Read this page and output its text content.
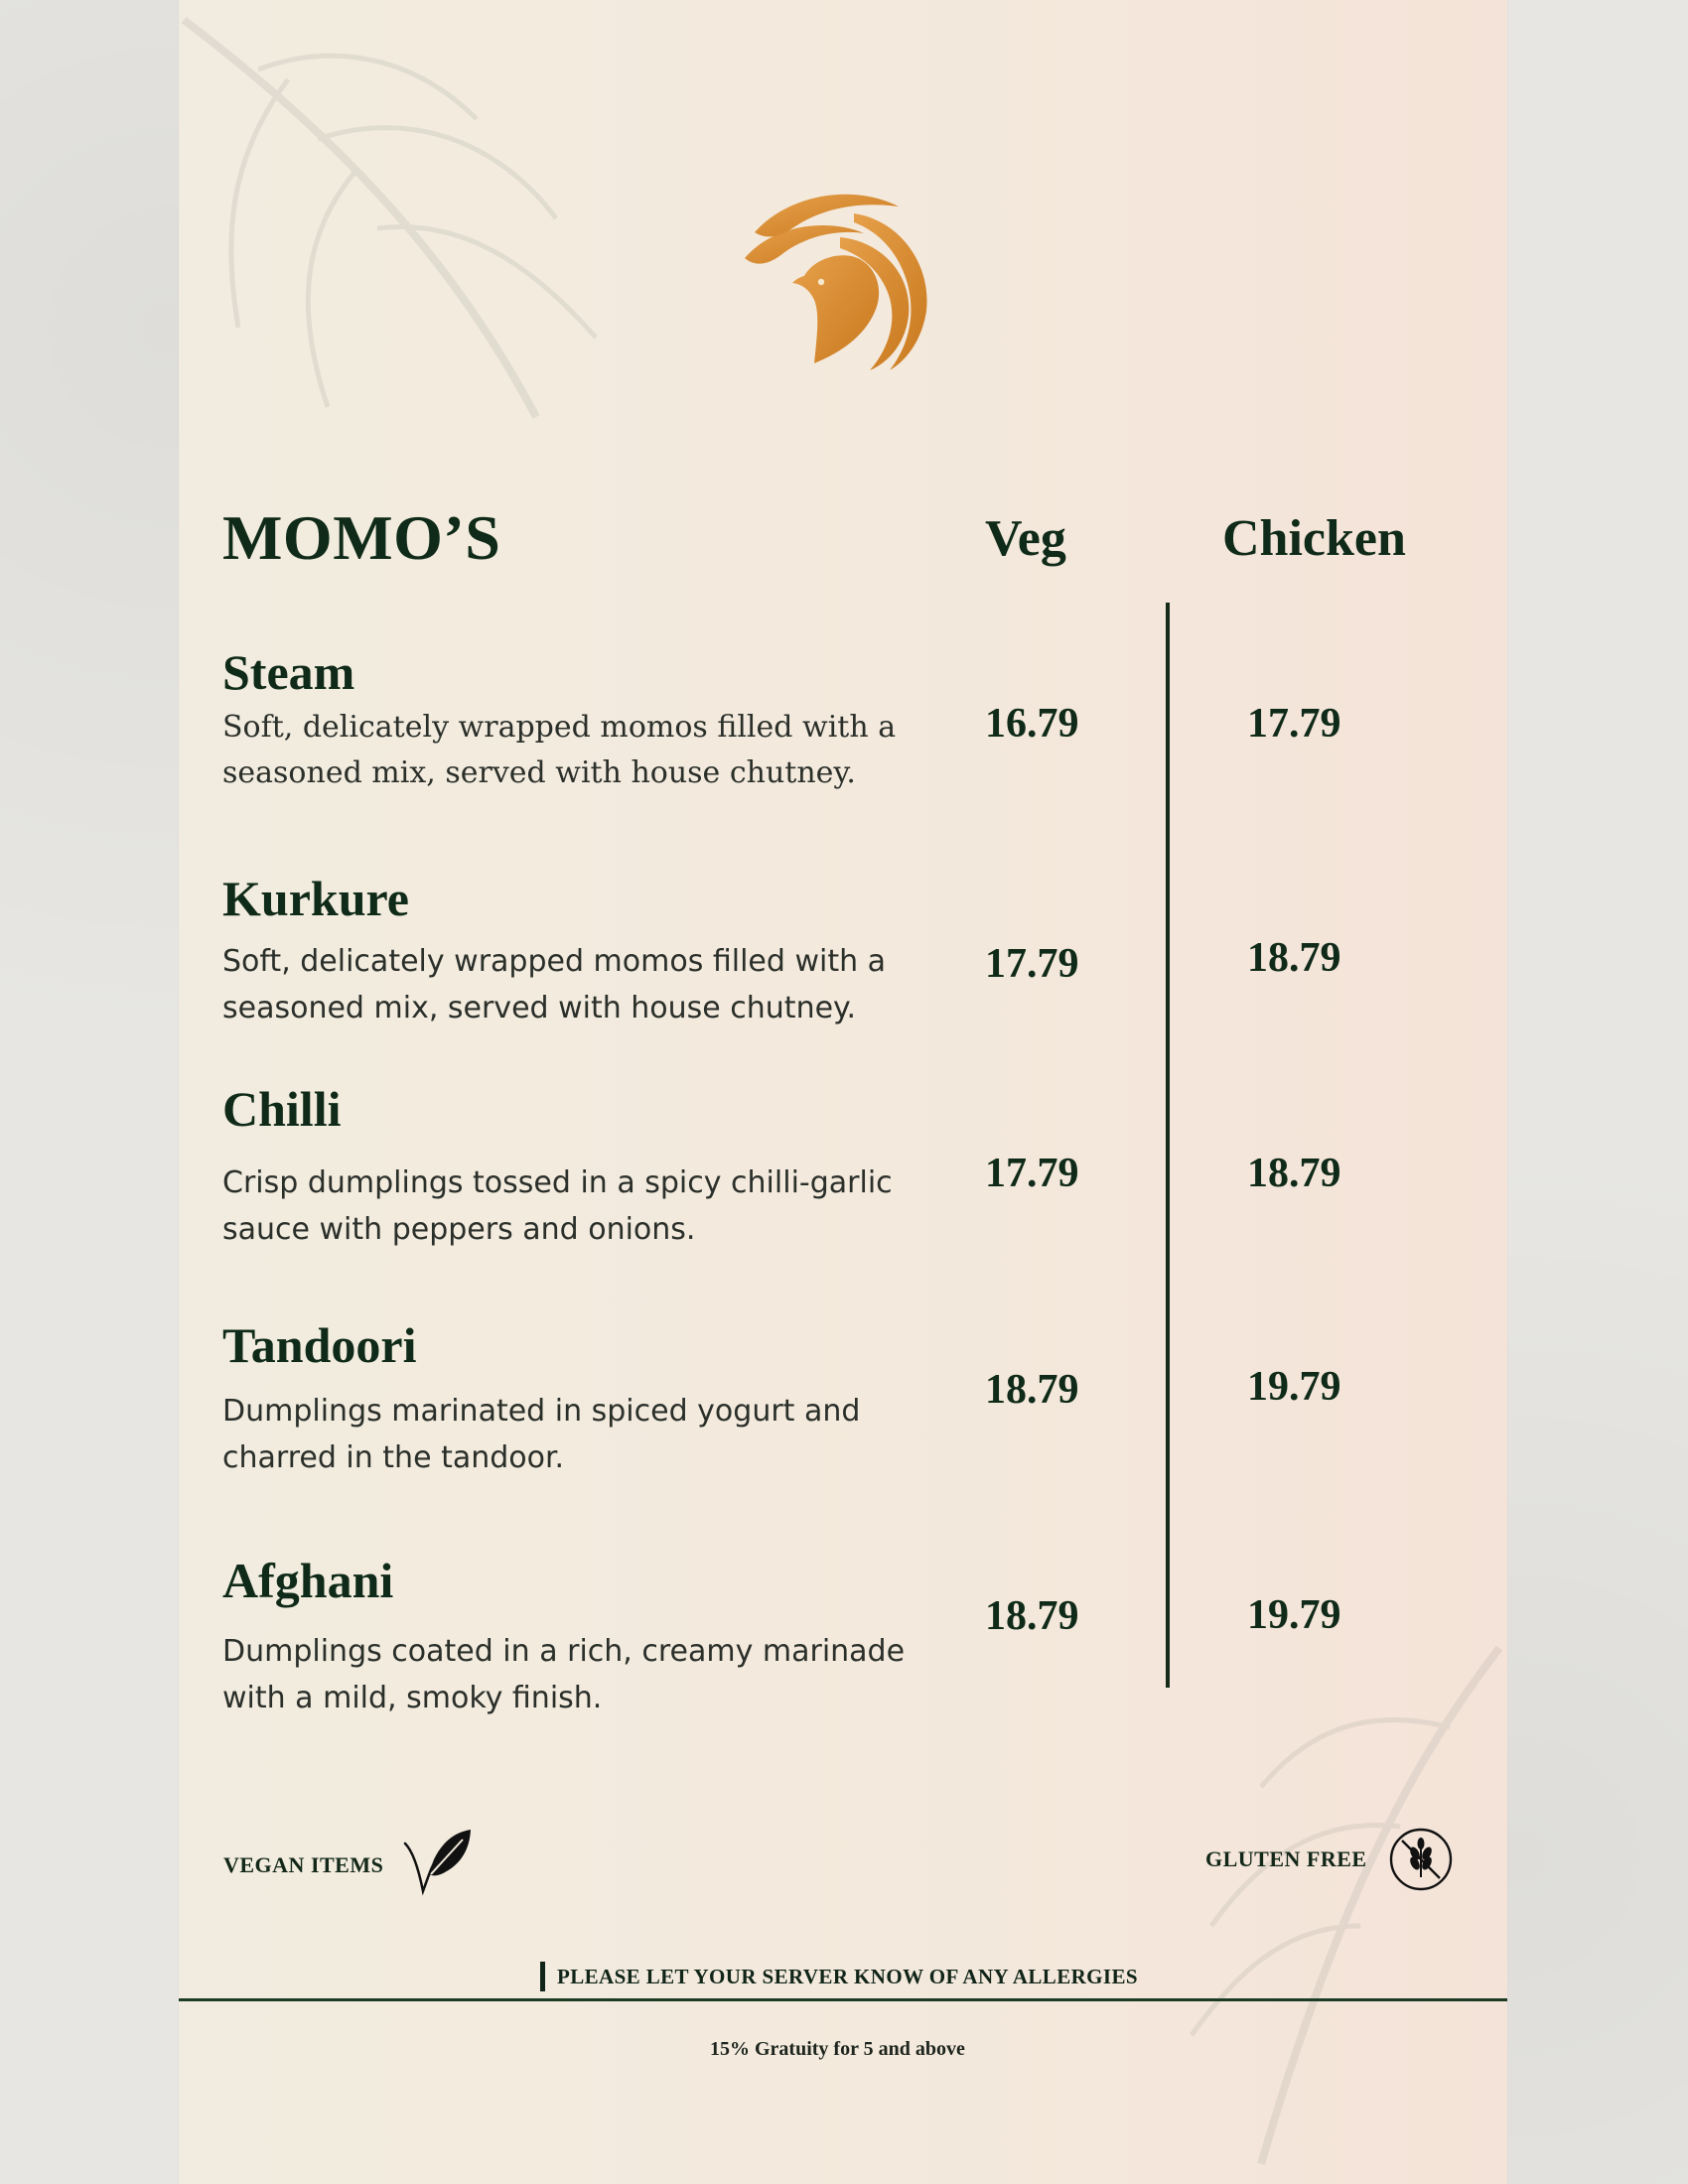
MOMO’S	Veg	Chicken
Steam

Soft, delicately wrapped momos filled with a seasoned mix, served with house chutney.

16.79	17.79

Kurkure

Soft, delicately wrapped momos filled with a seasoned mix, served with house chutney.

17.79	18.79

Chilli

Crisp dumplings tossed in a spicy chilli-garlic sauce with peppers and onions.

17.79	18.79

Tandoori

Dumplings marinated in spiced yogurt and charred in the tandoor.

18.79	19.79

Afghani

Dumplings coated in a rich, creamy marinade with a mild, smoky finish.

18.79	19.79

VEGAN ITEMS	GLUTEN FREE

PLEASE LET YOUR SERVER KNOW OF ANY ALLERGIES

15% Gratuity for 5 and above
